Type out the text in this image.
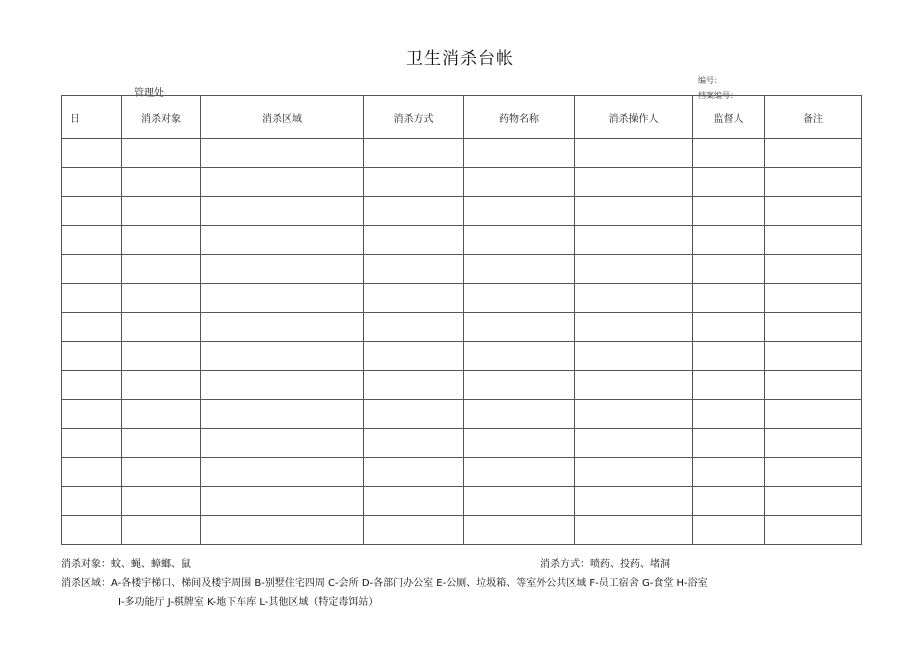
卫生消杀台帐
管理处
编号：
档案编号：
日	消杀对象	消杀区域	消杀方式	药物名称	消杀操作人	监督人	备注

消杀对象：蚊、蝇、蟑螂、鼠	消杀方式：喷药、投药、堵洞
消杀区域：A-各楼宇梯口、梯间及楼宇周围 B-别墅住宅四周 C-会所 D-各部门办公室 E-公厕、垃圾箱、等室外公共区域 F-员工宿舍 G-食堂 H-浴室
I-多功能厅 J-棋牌室 K-地下车库 L-其他区域（特定毒饵站）
